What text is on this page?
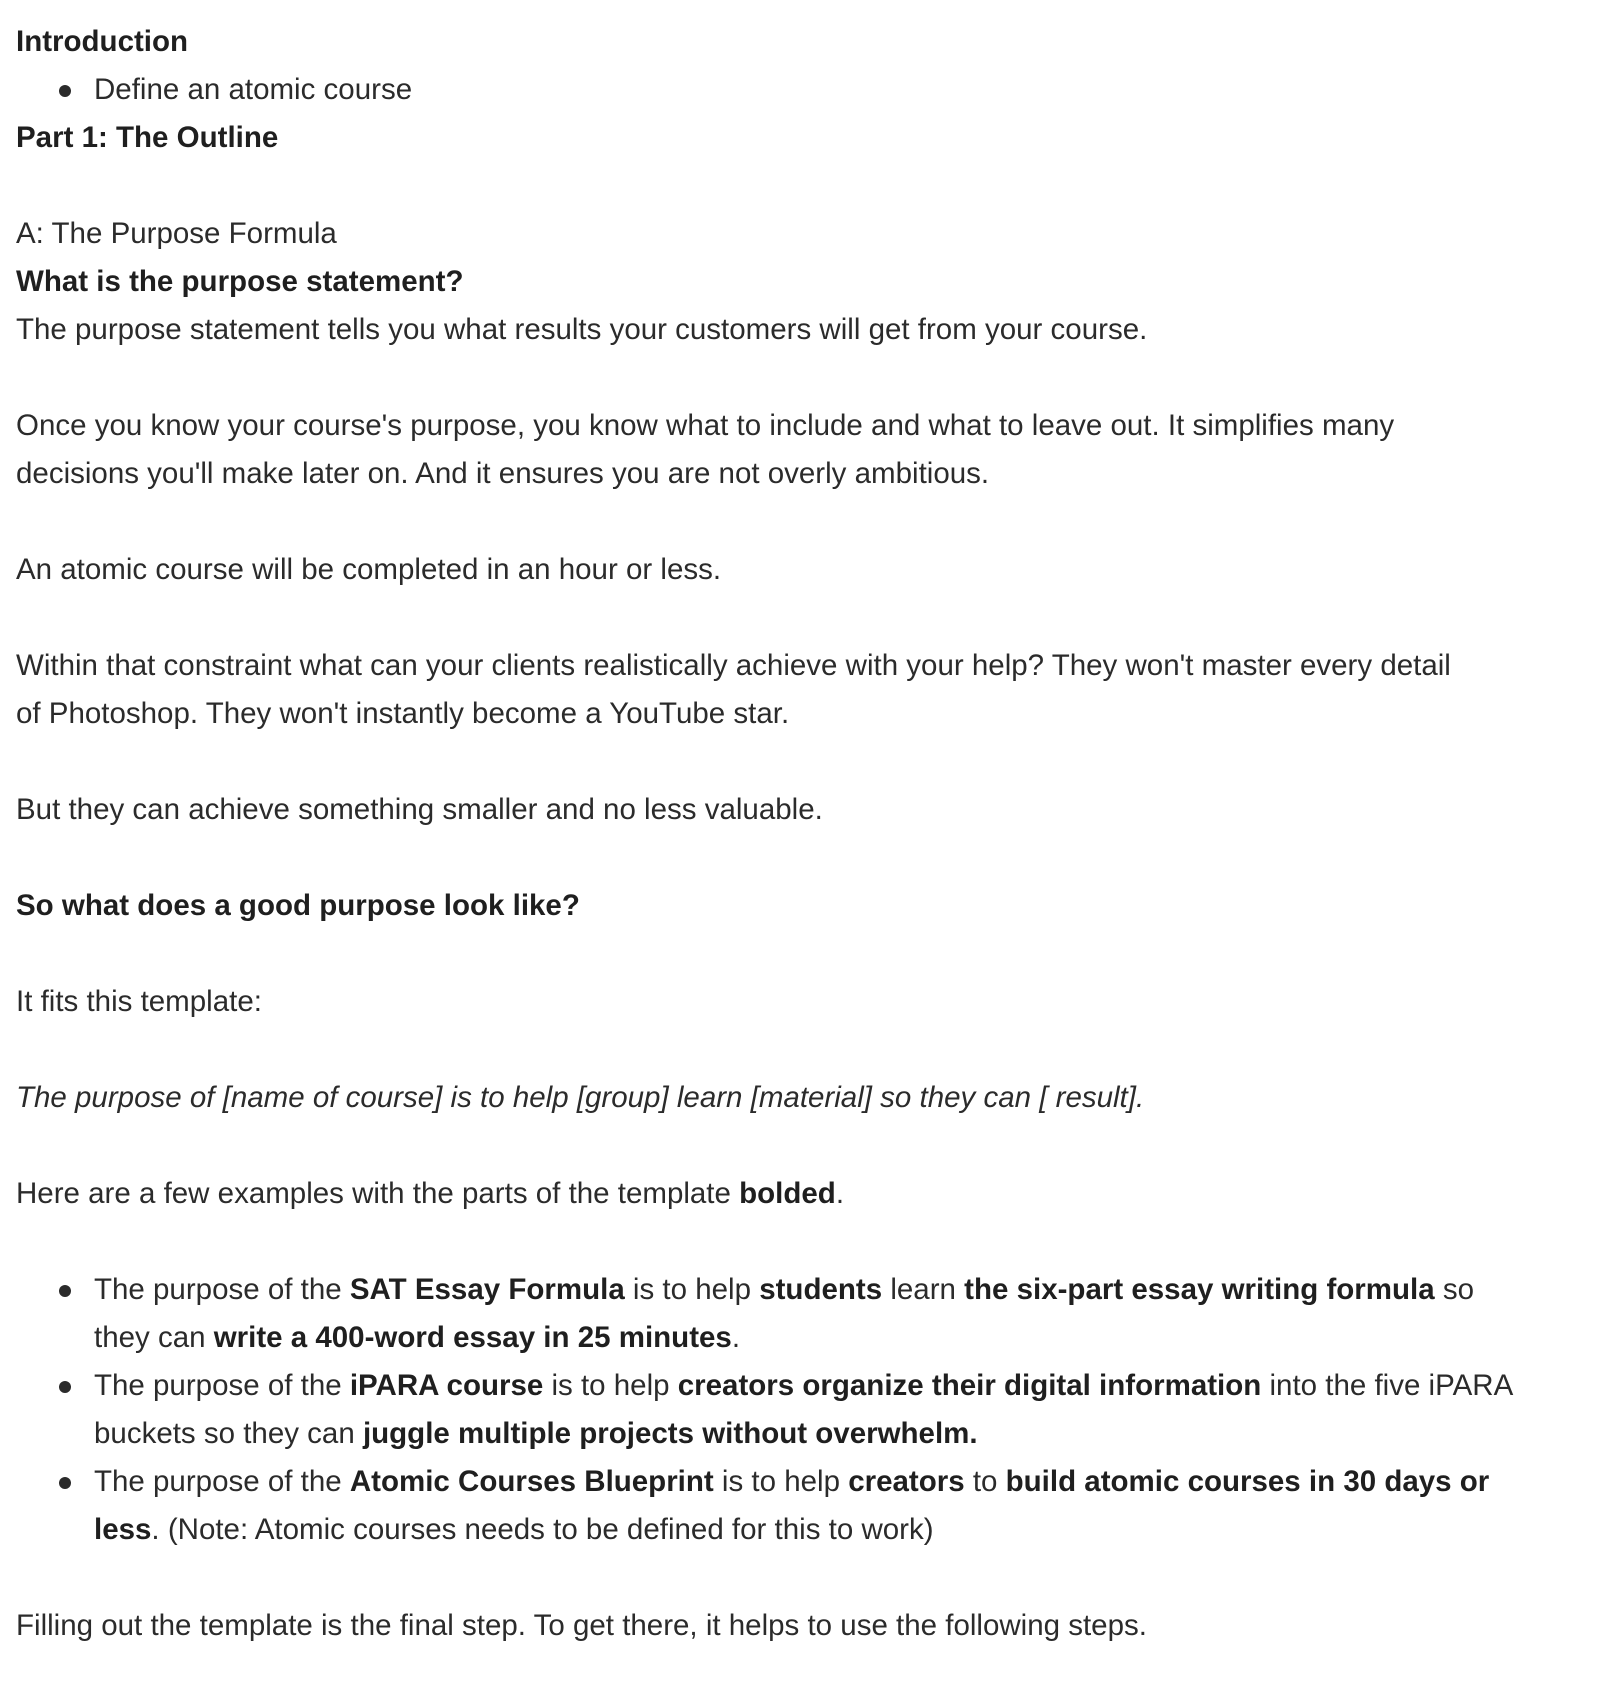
Introduction

Define an atomic course

Part 1: The Outline

A: The Purpose Formula

What is the purpose statement?

The purpose statement tells you what results your customers will get from your course.

Once you know your course's purpose, you know what to include and what to leave out. It simplifies many decisions you'll make later on. And it ensures you are not overly ambitious.

An atomic course will be completed in an hour or less.

Within that constraint what can your clients realistically achieve with your help? They won't master every detail of Photoshop. They won't instantly become a YouTube star.

But they can achieve something smaller and no less valuable.

So what does a good purpose look like?

It fits this template:

The purpose of [name of course] is to help [group] learn [material] so they can [ result].

Here are a few examples with the parts of the template bolded.

The purpose of the SAT Essay Formula is to help students learn the six-part essay writing formula so they can write a 400-word essay in 25 minutes.
The purpose of the iPARA course is to help creators organize their digital information into the five iPARA buckets so they can juggle multiple projects without overwhelm.
The purpose of the Atomic Courses Blueprint is to help creators to build atomic courses in 30 days or less. (Note: Atomic courses needs to be defined for this to work)

Filling out the template is the final step. To get there, it helps to use the following steps.
